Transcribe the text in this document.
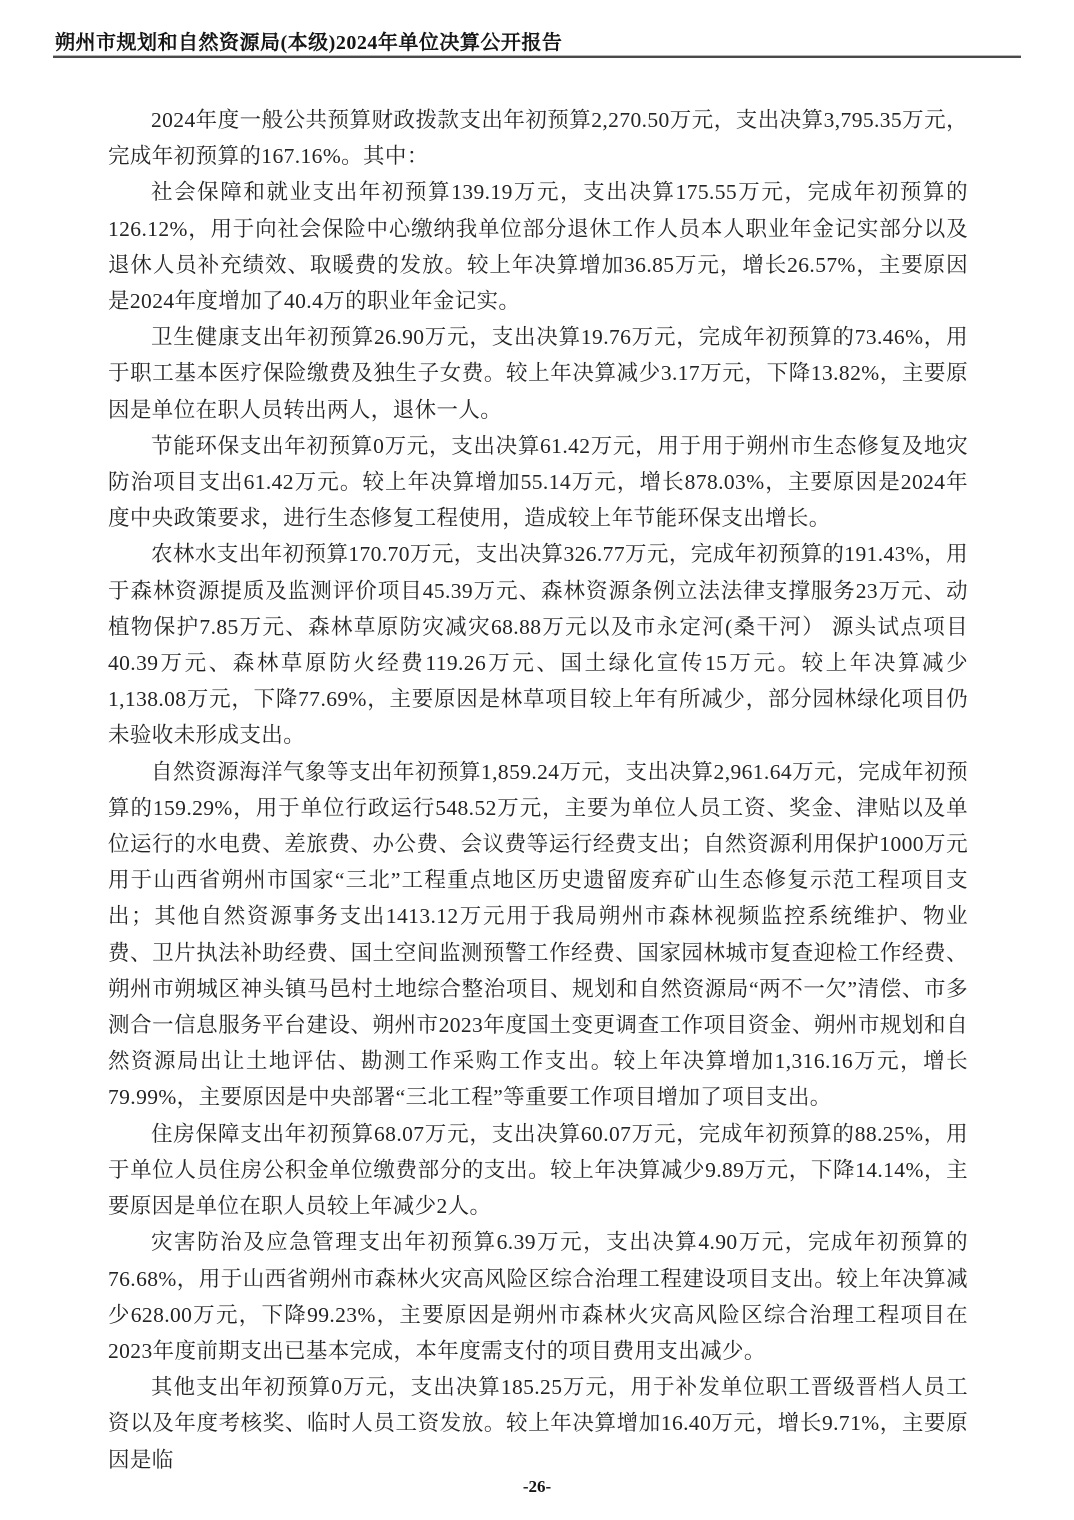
朔州市规划和自然资源局(本级)2024年单位决算公开报告

2024年度一般公共预算财政拨款支出年初预算2,270.50万元，支出决算3,795.35万元，完成年初预算的167.16%。其中：

社会保障和就业支出年初预算139.19万元，支出决算175.55万元，完成年初预算的126.12%，用于向社会保险中心缴纳我单位部分退休工作人员本人职业年金记实部分以及退休人员补充绩效、取暖费的发放。较上年决算增加36.85万元，增长26.57%，主要原因是2024年度增加了40.4万的职业年金记实。

卫生健康支出年初预算26.90万元，支出决算19.76万元，完成年初预算的73.46%，用于职工基本医疗保险缴费及独生子女费。较上年决算减少3.17万元，下降13.82%，主要原因是单位在职人员转出两人，退休一人。

节能环保支出年初预算0万元，支出决算61.42万元，用于用于朔州市生态修复及地灾防治项目支出61.42万元。较上年决算增加55.14万元，增长878.03%，主要原因是2024年度中央政策要求，进行生态修复工程使用，造成较上年节能环保支出增长。

农林水支出年初预算170.70万元，支出决算326.77万元，完成年初预算的191.43%，用于森林资源提质及监测评价项目45.39万元、森林资源条例立法法律支撑服务23万元、动植物保护7.85万元、森林草原防灾减灾68.88万元以及市永定河(桑干河） 源头试点项目40.39万元、森林草原防火经费119.26万元、国土绿化宣传15万元。较上年决算减少1,138.08万元，下降77.69%，主要原因是林草项目较上年有所减少，部分园林绿化项目仍未验收未形成支出。

自然资源海洋气象等支出年初预算1,859.24万元，支出决算2,961.64万元，完成年初预算的159.29%，用于单位行政运行548.52万元，主要为单位人员工资、奖金、津贴以及单位运行的水电费、差旅费、办公费、会议费等运行经费支出；自然资源利用保护1000万元用于山西省朔州市国家“三北”工程重点地区历史遗留废弃矿山生态修复示范工程项目支出；其他自然资源事务支出1413.12万元用于我局朔州市森林视频监控系统维护、物业费、卫片执法补助经费、国土空间监测预警工作经费、国家园林城市复查迎检工作经费、朔州市朔城区神头镇马邑村土地综合整治项目、规划和自然资源局“两不一欠”清偿、市多测合一信息服务平台建设、朔州市2023年度国土变更调查工作项目资金、朔州市规划和自然资源局出让土地评估、勘测工作采购工作支出。较上年决算增加1,316.16万元，增长79.99%，主要原因是中央部署“三北工程”等重要工作项目增加了项目支出。

住房保障支出年初预算68.07万元，支出决算60.07万元，完成年初预算的88.25%，用于单位人员住房公积金单位缴费部分的支出。较上年决算减少9.89万元，下降14.14%，主要原因是单位在职人员较上年减少2人。

灾害防治及应急管理支出年初预算6.39万元，支出决算4.90万元，完成年初预算的76.68%，用于山西省朔州市森林火灾高风险区综合治理工程建设项目支出。较上年决算减少628.00万元，下降99.23%，主要原因是朔州市森林火灾高风险区综合治理工程项目在2023年度前期支出已基本完成，本年度需支付的项目费用支出减少。

其他支出年初预算0万元，支出决算185.25万元，用于补发单位职工晋级晋档人员工资以及年度考核奖、临时人员工资发放。较上年决算增加16.40万元，增长9.71%，主要原因是临

-26-
